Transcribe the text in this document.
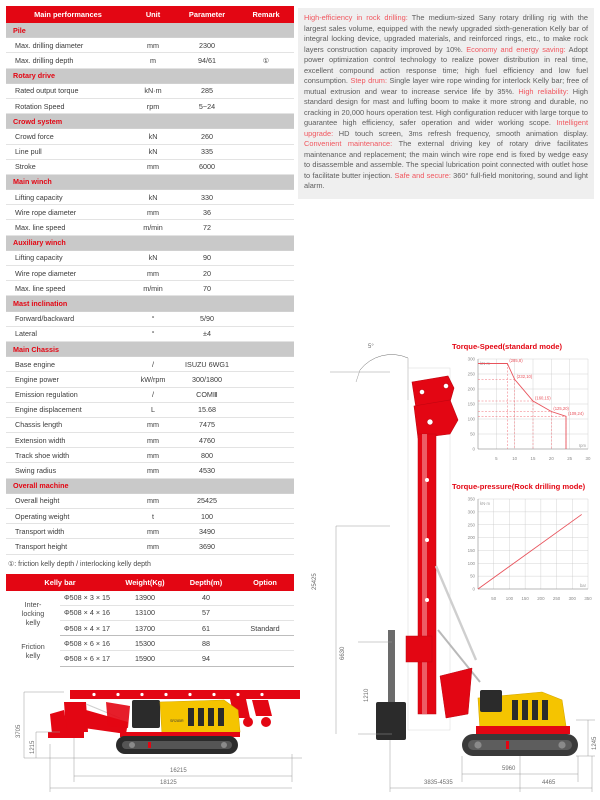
Main performances	Unit	Parameter	Remark
Pile			
Max. drilling diameter	mm	2300	
Max. drilling depth	m	94/61	①
Rotary drive			
Rated output torque	kN·m	285	
Rotation Speed	rpm	5~24	
Crowd system			
Crowd force	kN	260	
Line pull	kN	335	
Stroke	mm	6000	
Main winch			
Lifting capacity	kN	330	
Wire rope diameter	mm	36	
Max. line speed	m/min	72	
Auxiliary winch			
Lifting capacity	kN	90	
Wire rope diameter	mm	20	
Max. line speed	m/min	70	
Mast inclination			
Forward/backward	°	5/90	
Lateral	°	±4	
Main Chassis			
Base engine	/	ISUZU 6WG1	
Engine power	kW/rpm	300/1800	
Emission regulation	/	COMⅢ	
Engine displacement	L	15.68	
Chassis length	mm	7475	
Extension width	mm	4760	
Track shoe width	mm	800	
Swing radius	mm	4530	
Overall machine			
Overall height	mm	25425	
Operating weight	t	100	
Transport width	mm	3490	
Transport height	mm	3690	
①: friction kelly depth / interlocking kelly depth
Kelly bar		Weight(Kg)	Depth(m)	Option

Inter-
locking
kelly	Φ508 × 3 × 15	13900	40	
	Φ508 × 4 × 16	13100	57	
	Φ508 × 4 × 17	13700	61	Standard

Friction
kelly	Φ508 × 6 × 16	15300	88	
	Φ508 × 6 × 17	15900	94	

High-efficiency in rock drilling: The medium-sized Sany rotary drilling rig with the largest sales volume, equipped with the newly upgraded sixth-generation Kelly bar of integral locking device, upgraded materials, and reinforced rings, etc., to make rock layers construction capacity improved by 10%. Economy and energy saving: Adopt power optimization control technology to realize power distribution in real time, excellent compound action response time; high fuel efficiency and low fuel consumption. Step drum: Single layer wire rope winding for interlock Kelly bar; free of mutual extrusion and wear to increase service life by 35%. High reliability: High standard design for mast and luffing boom to make it more strong and durable, no cracking in 20,000 hours operation test. High configuration reducer with large torque to guarantee high efficiency, safer operation and wider working scope. Intelligent upgrade: HD touch screen, 3ms refresh frequency, smooth animation display. Convenient maintenance: The external driving key of rotary drive facilitates maintenance and replacement; the main winch wire rope end is fixed by wedge easy to disassemble and assemble. The special lubrication point connected with outlet hose to facilitate butter injection. Safe and secure: 360° full-field monitoring, sound and light alarm.

Torque-Speed(standard mode)
5	10	15	20	25	30
0
50
100
150
200
250
300
kN·m
rpm
(285,8)
(232,10)
(160,15)
(125,20)
(109,24)
Torque-pressure(Rock drilling mode)
50 100 150 200 250 300 350
0
50
100
150
200
250
300
350
kN·m
bar
5°
25425
6630
1210
1245
5960
3835-4535	4465
SR285R
3705
1215
16215
18125
